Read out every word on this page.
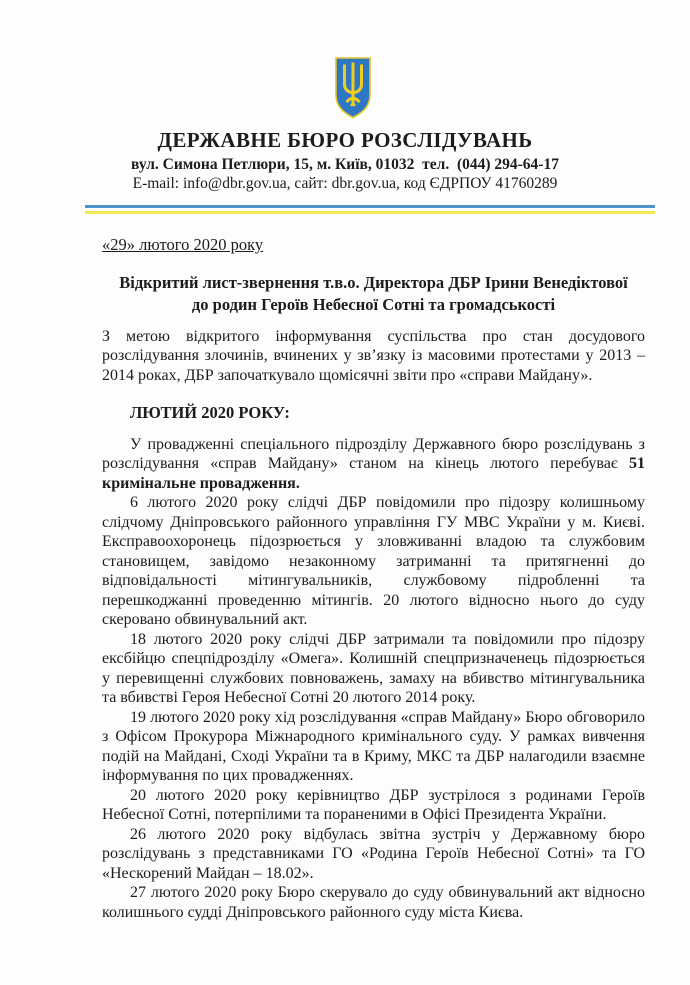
ДЕРЖАВНЕ БЮРО РОЗСЛІДУВАНЬ
вул. Симона Петлюри, 15, м. Київ, 01032  тел.  (044) 294-64-17
E-mail: info@dbr.gov.ua, сайт: dbr.gov.ua, код ЄДРПОУ 41760289

«29» лютого 2020 року

Відкритий лист-звернення т.в.о. Директора ДБР Ірини Венедіктової до родин Героїв Небесної Сотні та громадськості

З метою відкритого інформування суспільства про стан досудового розслідування злочинів, вчинених у зв’язку із масовими протестами у 2013 – 2014 роках, ДБР започаткувало щомісячні звіти про «справи Майдану».

ЛЮТИЙ 2020 РОКУ:

У провадженні спеціального підрозділу Державного бюро розслідувань з розслідування «справ Майдану» станом на кінець лютого перебуває 51 кримінальне провадження.

6 лютого 2020 року слідчі ДБР повідомили про підозру колишньому слідчому Дніпровського районного управління ГУ МВС України у м. Києві. Експравоохоронець підозрюється у зловживанні владою та службовим становищем, завідомо незаконному затриманні та притягненні до відповідальності мітингувальників, службовому підробленні та перешкоджанні проведенню мітингів. 20 лютого відносно нього до суду скеровано обвинувальний акт.

18 лютого 2020 року слідчі ДБР затримали та повідомили про підозру ексбійцю спецпідрозділу «Омега». Колишній спецпризначенець підозрюється у перевищенні службових повноважень, замаху на вбивство мітингувальника та вбивстві Героя Небесної Сотні 20 лютого 2014 року.

19 лютого 2020 року хід розслідування «справ Майдану» Бюро обговорило з Офісом Прокурора Міжнародного кримінального суду. У рамках вивчення подій на Майдані, Сході України та в Криму, МКС та ДБР налагодили взаємне інформування по цих провадженнях.

20 лютого 2020 року керівництво ДБР зустрілося з родинами Героїв Небесної Сотні, потерпілими та пораненими в Офісі Президента України.

26 лютого 2020 року відбулась звітна зустріч у Державному бюро розслідувань з представниками ГО «Родина Героїв Небесної Сотні» та ГО «Нескорений Майдан – 18.02».

27 лютого 2020 року Бюро скерувало до суду обвинувальний акт відносно колишнього судді Дніпровського районного суду міста Києва.
